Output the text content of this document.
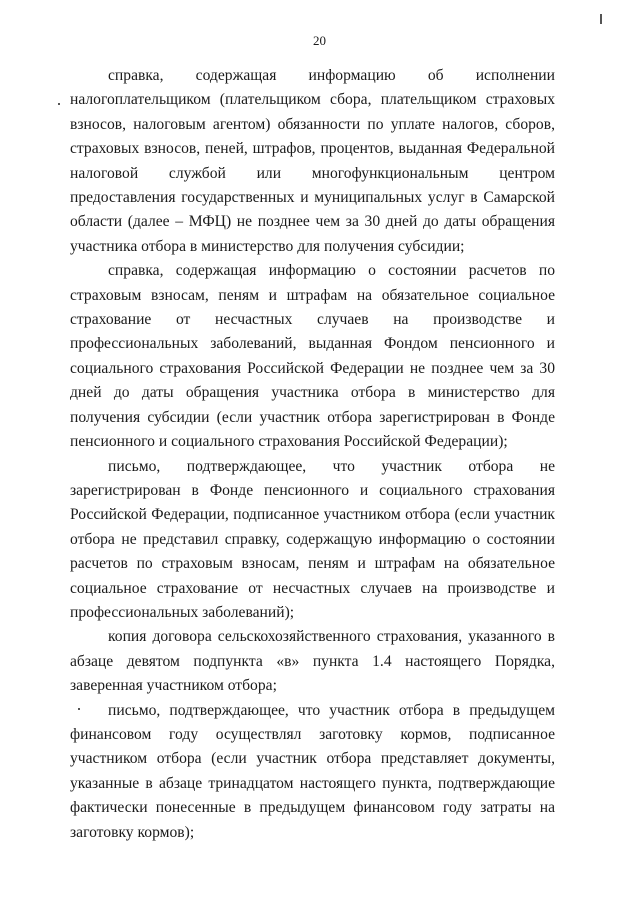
20

справка, содержащая информацию об исполнении налогоплательщиком (плательщиком сбора, плательщиком страховых взносов, налоговым агентом) обязанности по уплате налогов, сборов, страховых взносов, пеней, штрафов, процентов, выданная Федеральной налоговой службой или многофункциональным центром предоставления государственных и муниципальных услуг в Самарской области (далее – МФЦ) не позднее чем за 30 дней до даты обращения участника отбора в министерство для получения субсидии;

справка, содержащая информацию о состоянии расчетов по страховым взносам, пеням и штрафам на обязательное социальное страхование от несчастных случаев на производстве и профессиональных заболеваний, выданная Фондом пенсионного и социального страхования Российской Федерации не позднее чем за 30 дней до даты обращения участника отбора в министерство для получения субсидии (если участник отбора зарегистрирован в Фонде пенсионного и социального страхования Российской Федерации);

письмо, подтверждающее, что участник отбора не зарегистрирован в Фонде пенсионного и социального страхования Российской Федерации, подписанное участником отбора (если участник отбора не представил справку, содержащую информацию о состоянии расчетов по страховым взносам, пеням и штрафам на обязательное социальное страхование от несчастных случаев на производстве и профессиональных заболеваний);

копия договора сельскохозяйственного страхования, указанного в абзаце девятом подпункта «в» пункта 1.4 настоящего Порядка, заверенная участником отбора;

письмо, подтверждающее, что участник отбора в предыдущем финансовом году осуществлял заготовку кормов, подписанное участником отбора (если участник отбора представляет документы, указанные в абзаце тринадцатом настоящего пункта, подтверждающие фактически понесенные в предыдущем финансовом году затраты на заготовку кормов);
